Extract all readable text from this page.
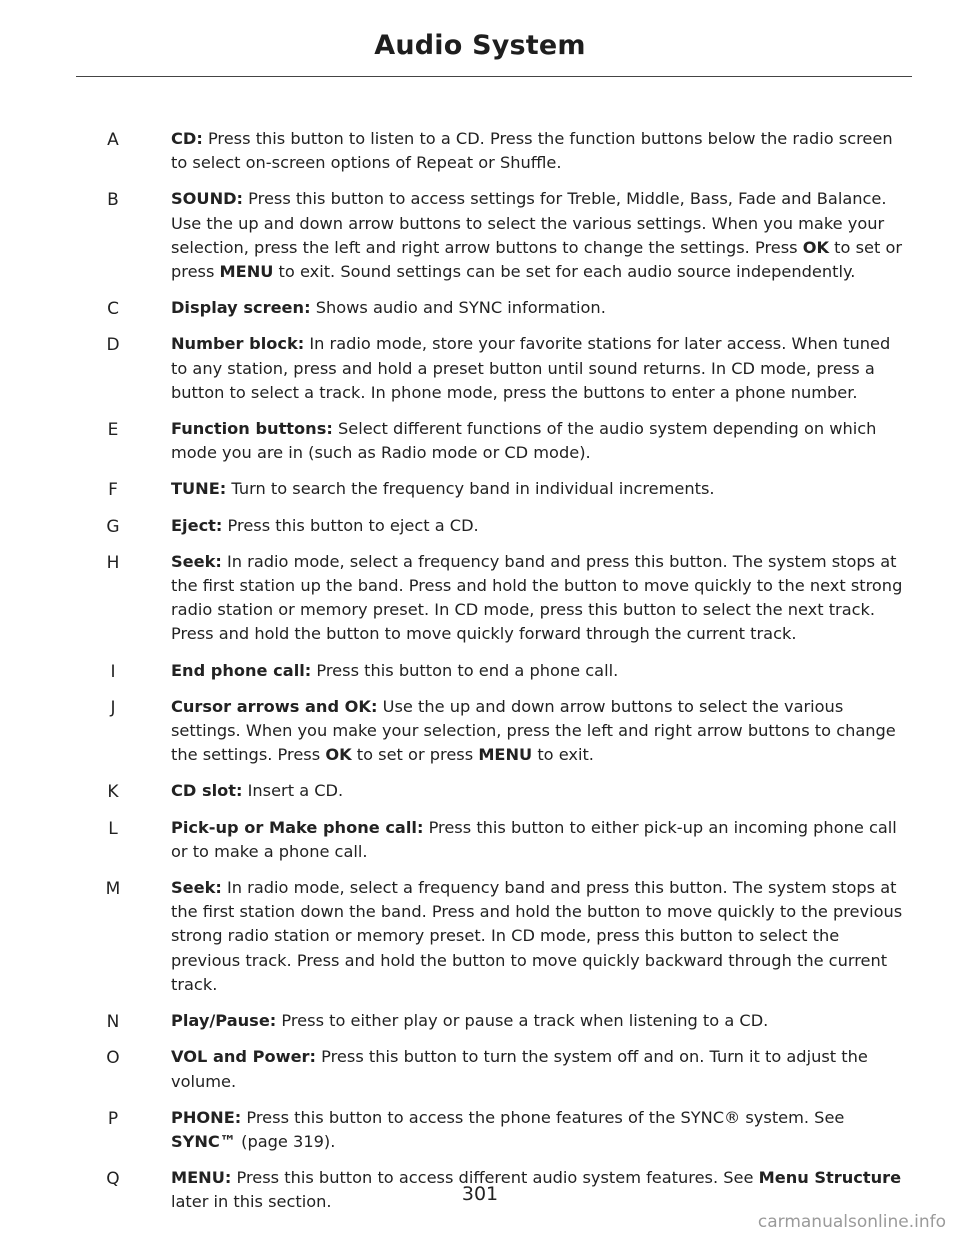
Audio System
A	CD: Press this button to listen to a CD. Press the function buttons below the radio screen to select on-screen options of Repeat or Shuffle.
B	SOUND: Press this button to access settings for Treble, Middle, Bass, Fade and Balance. Use the up and down arrow buttons to select the various settings. When you make your selection, press the left and right arrow buttons to change the settings. Press OK to set or press MENU to exit. Sound settings can be set for each audio source independently.
C	Display screen: Shows audio and SYNC information.
D	Number block: In radio mode, store your favorite stations for later access. When tuned to any station, press and hold a preset button until sound returns. In CD mode, press a button to select a track. In phone mode, press the buttons to enter a phone number.
E	Function buttons: Select different functions of the audio system depending on which mode you are in (such as Radio mode or CD mode).
F	TUNE: Turn to search the frequency band in individual increments.
G	Eject: Press this button to eject a CD.
H	Seek: In radio mode, select a frequency band and press this button. The system stops at the first station up the band. Press and hold the button to move quickly to the next strong radio station or memory preset. In CD mode, press this button to select the next track. Press and hold the button to move quickly forward through the current track.
I	End phone call: Press this button to end a phone call.
J	Cursor arrows and OK: Use the up and down arrow buttons to select the various settings. When you make your selection, press the left and right arrow buttons to change the settings. Press OK to set or press MENU to exit.
K	CD slot: Insert a CD.
L	Pick-up or Make phone call: Press this button to either pick-up an incoming phone call or to make a phone call.
M	Seek: In radio mode, select a frequency band and press this button. The system stops at the first station down the band. Press and hold the button to move quickly to the previous strong radio station or memory preset. In CD mode, press this button to select the previous track. Press and hold the button to move quickly backward through the current track.
N	Play/Pause: Press to either play or pause a track when listening to a CD.
O	VOL and Power: Press this button to turn the system off and on. Turn it to adjust the volume.
P	PHONE: Press this button to access the phone features of the SYNC® system. See SYNC™ (page 319).
Q	MENU: Press this button to access different audio system features. See Menu Structure later in this section.	301
carmanualsonline.info
